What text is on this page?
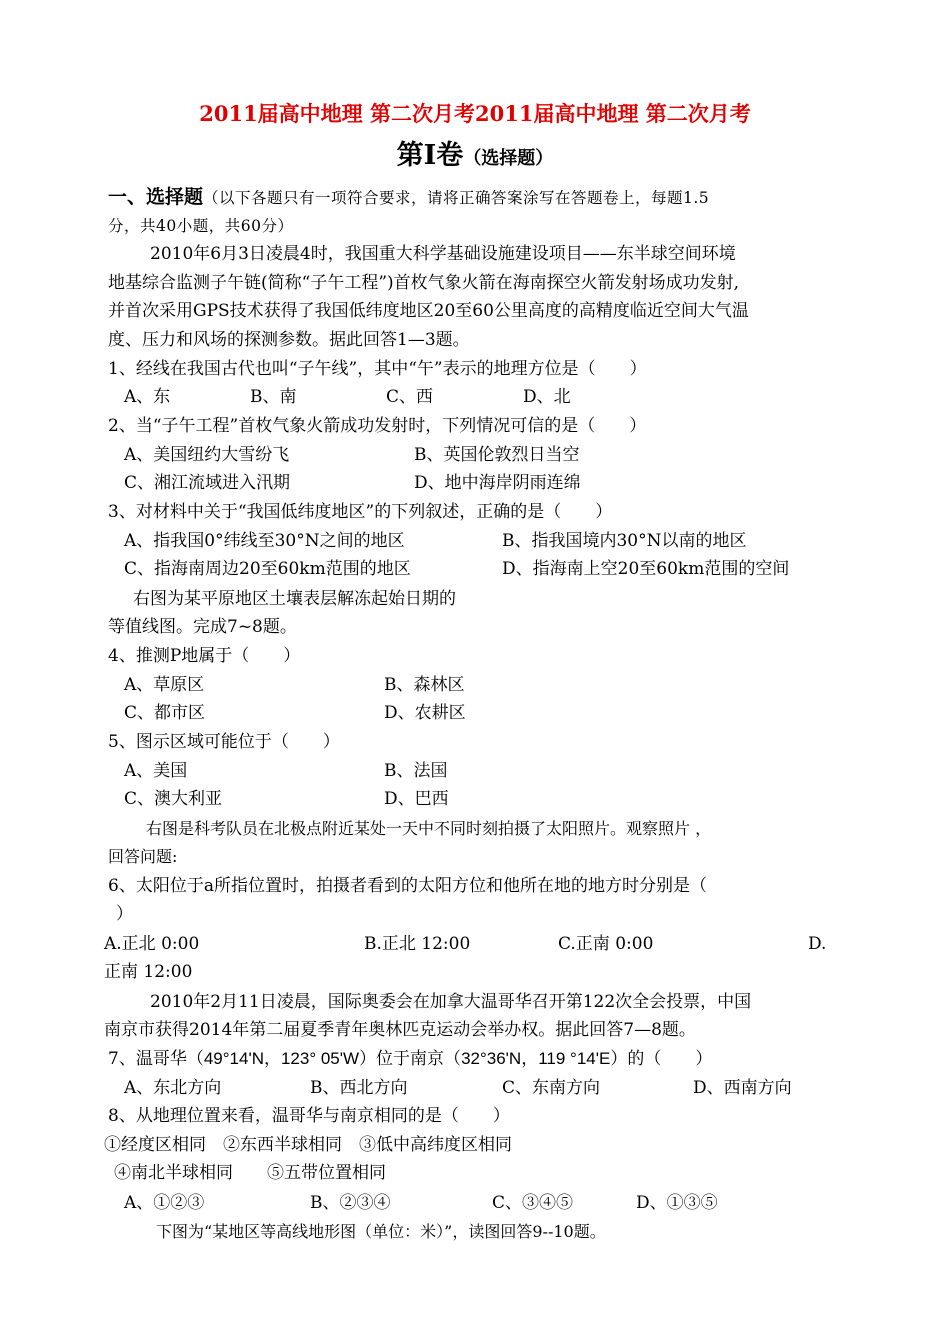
2011届高中地理 第二次月考2011届高中地理 第二次月考
第Ⅰ卷（选择题）
一、选择题（以下各题只有一项符合要求，请将正确答案涂写在答题卷上，每题1.5
分，共40小题，共60分）
2010年6月3日凌晨4时，我国重大科学基础设施建设项目——东半球空间环境
地基综合监测子午链(简称“子午工程”)首枚气象火箭在海南探空火箭发射场成功发射,
并首次采用GPS技术获得了我国低纬度地区20至60公里高度的高精度临近空间大气温
度、压力和风场的探测参数。据此回答1—3题。
1、经线在我国古代也叫“子午线”，其中“午”表示的地理方位是（　　）
A、东	B、南	C、西	D、北
2、当“子午工程”首枚气象火箭成功发射时，下列情况可信的是（　　）
A、美国纽约大雪纷飞	B、英国伦敦烈日当空
C、湘江流域进入汛期	D、地中海岸阴雨连绵
3、对材料中关于“我国低纬度地区”的下列叙述，正确的是（　　）
A、指我国0°纬线至30°N之间的地区	B、指我国境内30°N以南的地区
C、指海南周边20至60km范围的地区	D、指海南上空20至60km范围的空间
右图为某平原地区土壤表层解冻起始日期的
等值线图。完成7~8题。
4、推测P地属于（　　）
A、草原区	B、森林区
C、都市区	D、农耕区
5、图示区域可能位于（　　）
A、美国	B、法国
C、澳大利亚	D、巴西
右图是科考队员在北极点附近某处一天中不同时刻拍摄了太阳照片。观察照片 ，
回答问题:
6、太阳位于a所指位置时，拍摄者看到的太阳方位和他所在地的地方时分别是（
）
A.正北 0:00	B.正北 12:00	C.正南 0:00	D.
正南 12:00
2010年2月11日凌晨，国际奥委会在加拿大温哥华召开第122次全会投票，中国
南京市获得2014年第二届夏季青年奥林匹克运动会举办权。据此回答7—8题。
7、温哥华（49°14'N，123° 05'W）位于南京（32°36'N，119 °14'E）的（　　）
A、东北方向	B、西北方向	C、东南方向	D、西南方向
8、从地理位置来看，温哥华与南京相同的是（　　）
①经度区相同　②东西半球相同　③低中高纬度区相同
④南北半球相同　　⑤五带位置相同
A、①②③	B、②③④	C、③④⑤	D、①③⑤
下图为“某地区等高线地形图（单位：米）”，读图回答9--10题。
